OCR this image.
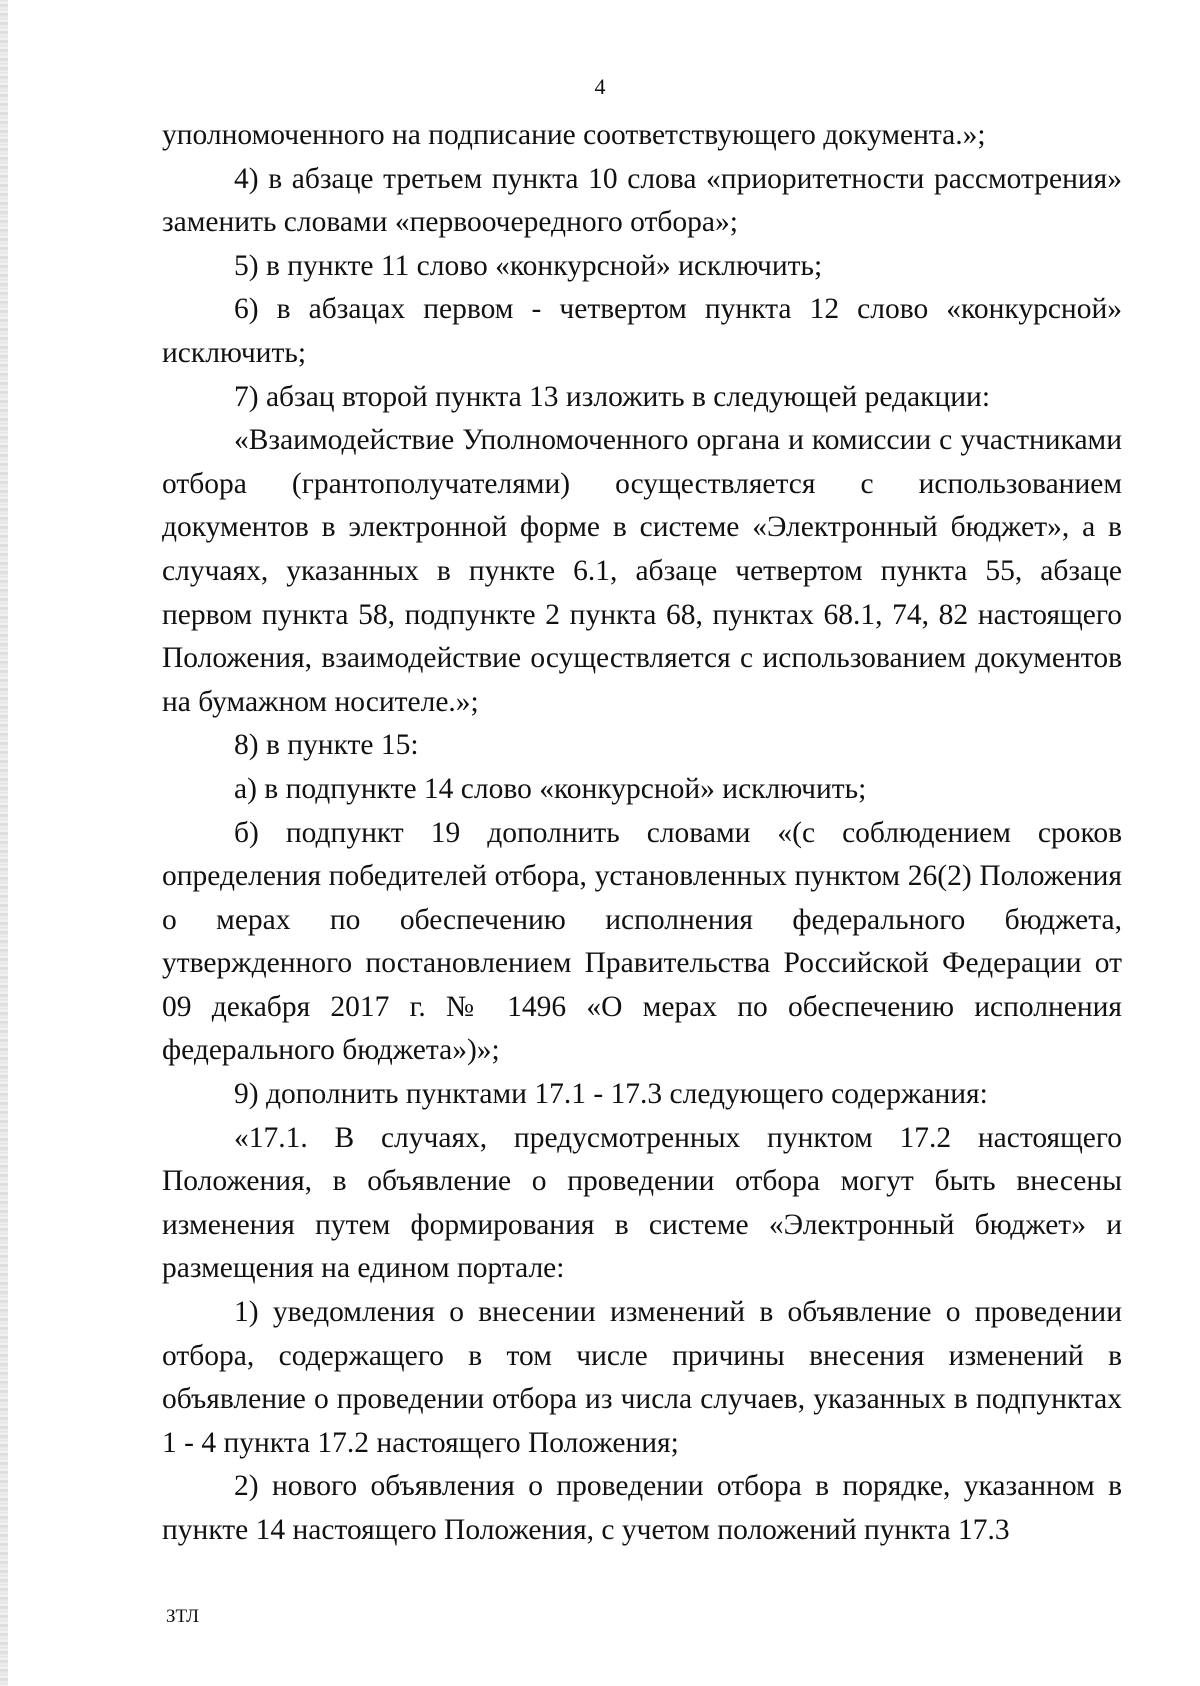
4

уполномоченного на подписание соответствующего документа.»;

4) в абзаце третьем пункта 10 слова «приоритетности рассмотрения» заменить словами «первоочередного отбора»;

5) в пункте 11 слово «конкурсной» исключить;

6) в абзацах первом - четвертом пункта 12 слово «конкурсной» исключить;

7) абзац второй пункта 13 изложить в следующей редакции:

«Взаимодействие Уполномоченного органа и комиссии с участниками отбора (грантополучателями) осуществляется с использованием документов в электронной форме в системе «Электронный бюджет», а в случаях, указанных в пункте 6.1, абзаце четвертом пункта 55, абзаце первом пункта 58, подпункте 2 пункта 68, пунктах 68.1, 74, 82 настоящего Положения, взаимодействие осуществляется с использованием документов на бумажном носителе.»;

8) в пункте 15:

а) в подпункте 14 слово «конкурсной» исключить;

б) подпункт 19 дополнить словами «(с соблюдением сроков определения победителей отбора, установленных пунктом 26(2) Положения о мерах по обеспечению исполнения федерального бюджета, утвержденного постановлением Правительства Российской Федерации от 09 декабря 2017 г. № 1496 «О мерах по обеспечению исполнения федерального бюджета»)»;

9) дополнить пунктами 17.1 - 17.3 следующего содержания:

«17.1. В случаях, предусмотренных пунктом 17.2 настоящего Положения, в объявление о проведении отбора могут быть внесены изменения путем формирования в системе «Электронный бюджет» и размещения на едином портале:

1) уведомления о внесении изменений в объявление о проведении отбора, содержащего в том числе причины внесения изменений в объявление о проведении отбора из числа случаев, указанных в подпунктах 1 - 4 пункта 17.2 настоящего Положения;

2) нового объявления о проведении отбора в порядке, указанном в пункте 14 настоящего Положения, с учетом положений пункта 17.3

ЗТЛ
